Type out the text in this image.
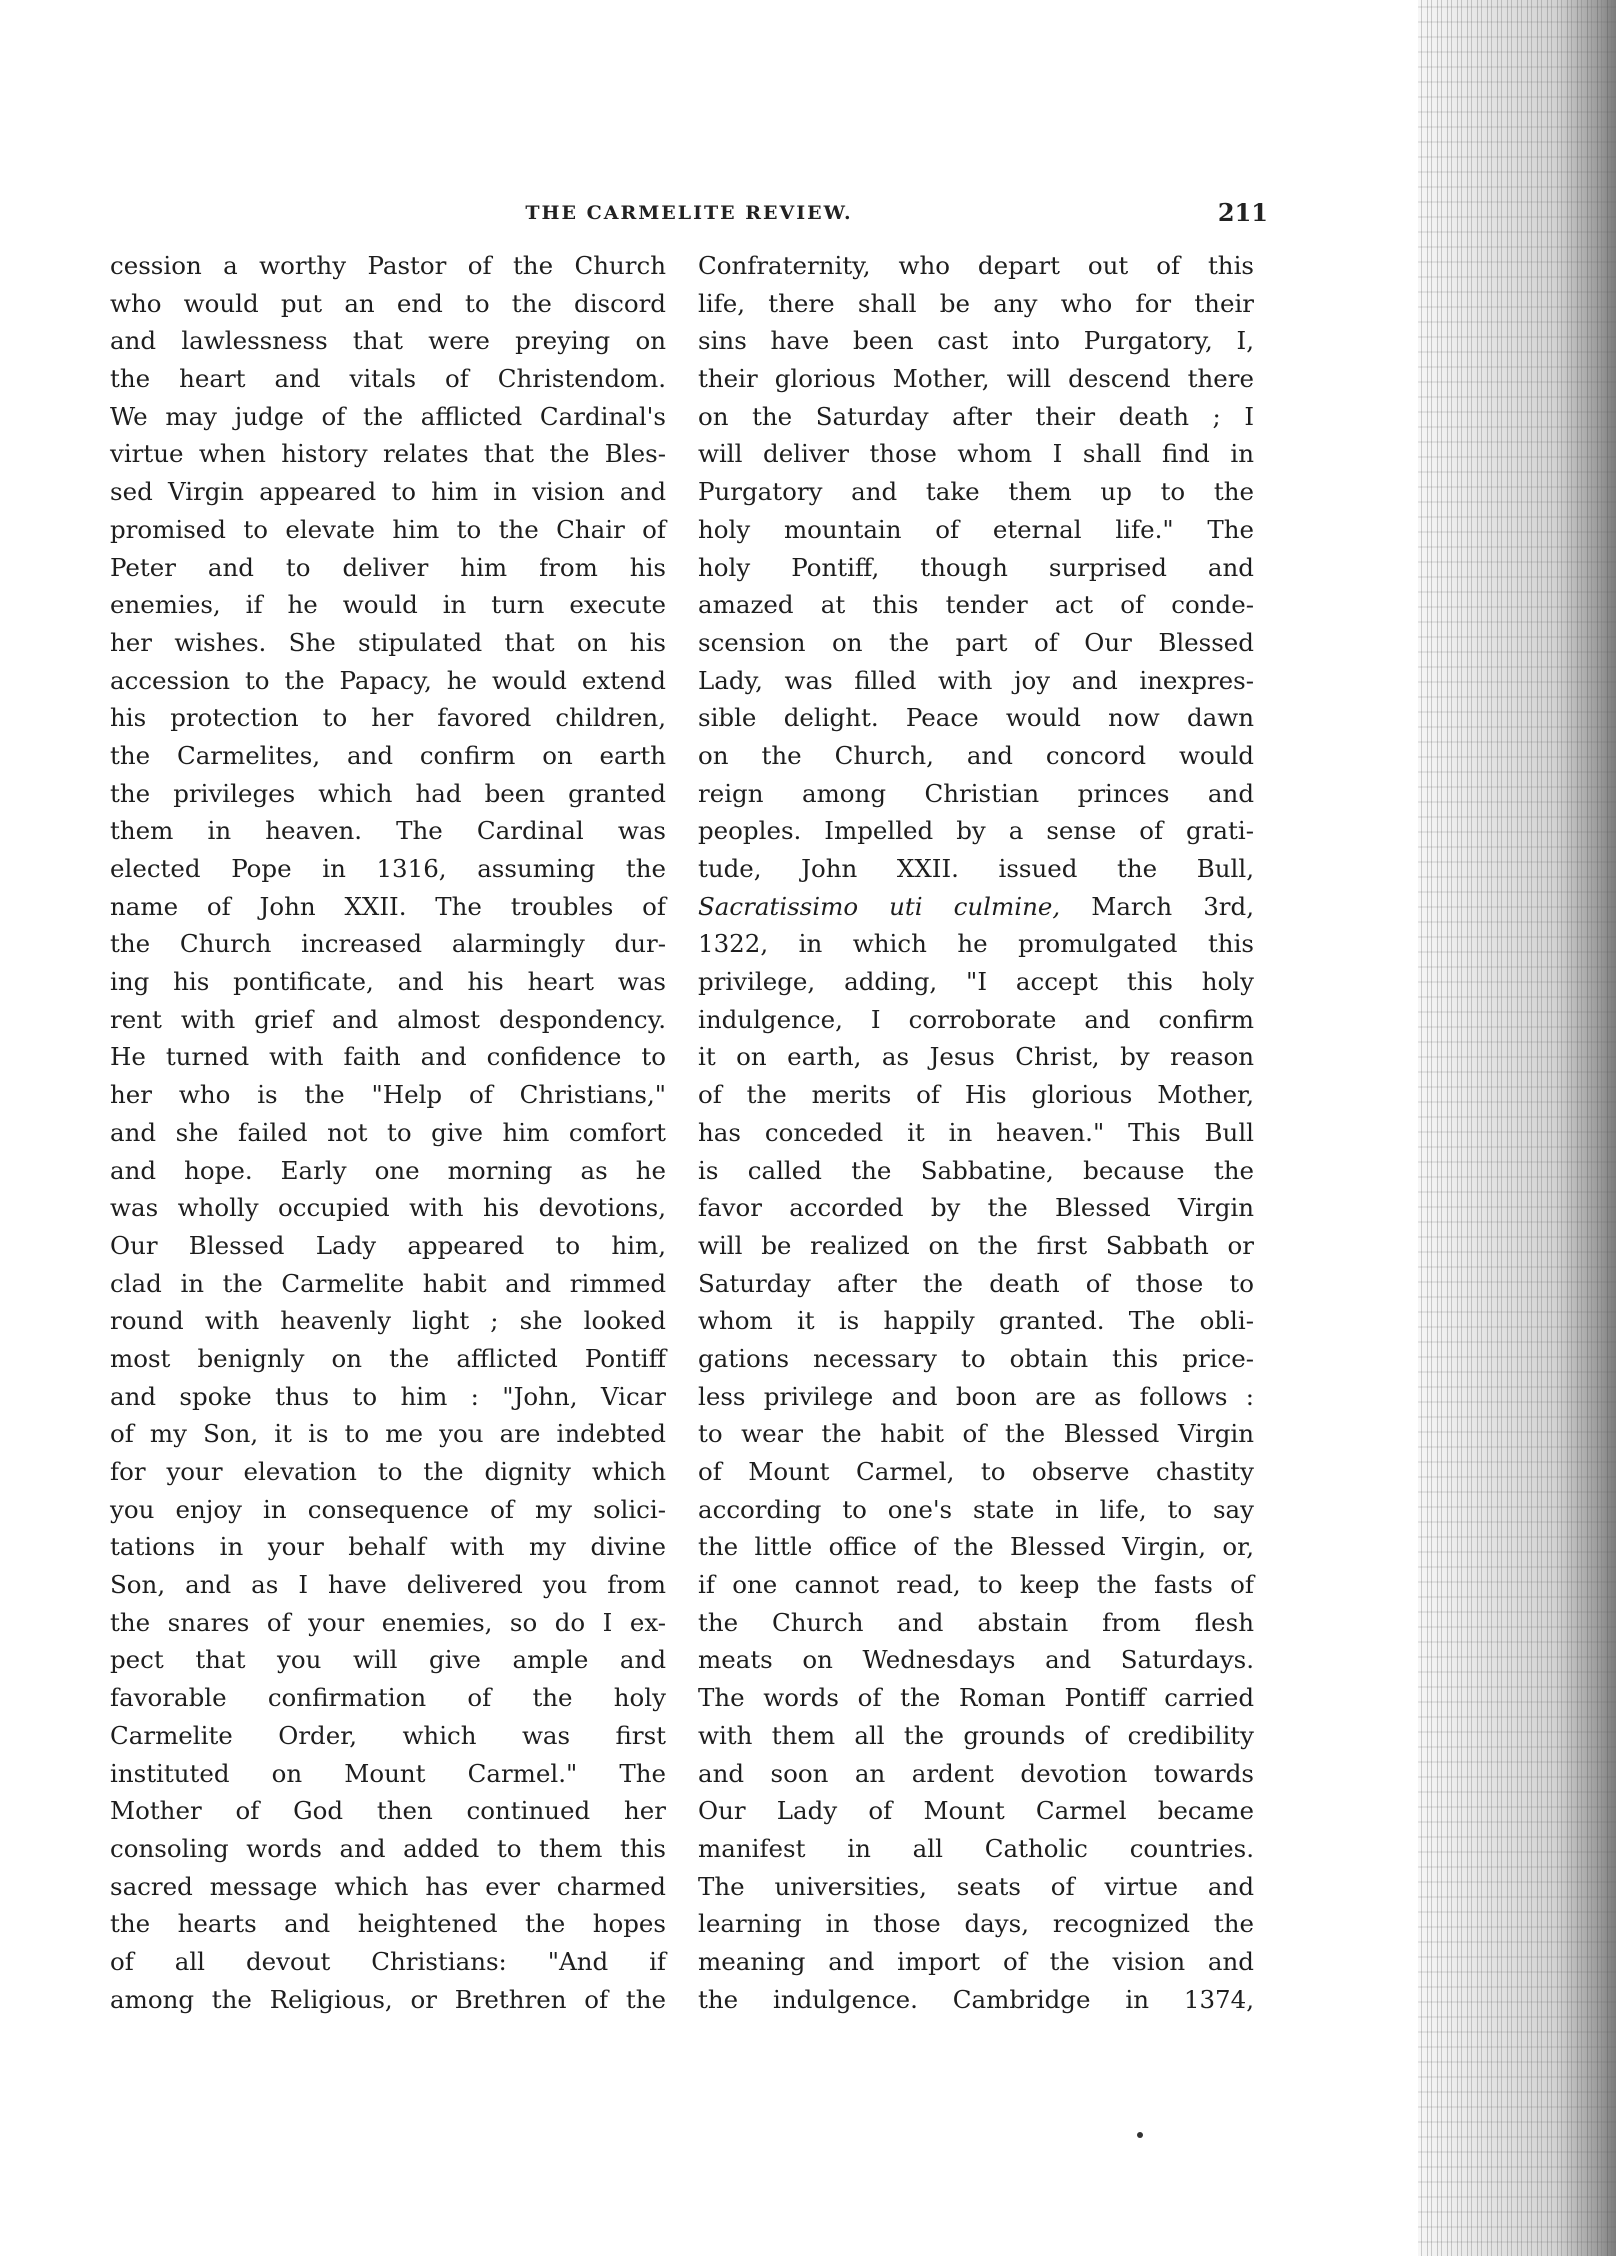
THE CARMELITE REVIEW.	211
cession a worthy Pastor of the Church
who would put an end to the discord
and lawlessness that were preying on
the heart and vitals of Christendom.
We may judge of the afflicted Cardinal's
virtue when history relates that the Bles-
sed Virgin appeared to him in vision and
promised to elevate him to the Chair of
Peter and to deliver him from his
enemies, if he would in turn execute
her wishes. She stipulated that on his
accession to the Papacy, he would extend
his protection to her favored children,
the Carmelites, and confirm on earth
the privileges which had been granted
them in heaven. The Cardinal was
elected Pope in 1316, assuming the
name of John XXII. The troubles of
the Church increased alarmingly dur-
ing his pontificate, and his heart was
rent with grief and almost despondency.
He turned with faith and confidence to
her who is the "Help of Christians,"
and she failed not to give him comfort
and hope. Early one morning as he
was wholly occupied with his devotions,
Our Blessed Lady appeared to him,
clad in the Carmelite habit and rimmed
round with heavenly light ; she looked
most benignly on the afflicted Pontiff
and spoke thus to him : "John, Vicar
of my Son, it is to me you are indebted
for your elevation to the dignity which
you enjoy in consequence of my solici-
tations in your behalf with my divine
Son, and as I have delivered you from
the snares of your enemies, so do I ex-
pect that you will give ample and
favorable confirmation of the holy
Carmelite Order, which was first
instituted on Mount Carmel." The
Mother of God then continued her
consoling words and added to them this
sacred message which has ever charmed
the hearts and heightened the hopes
of all devout Christians: "And if
among the Religious, or Brethren of the
Confraternity, who depart out of this
life, there shall be any who for their
sins have been cast into Purgatory, I,
their glorious Mother, will descend there
on the Saturday after their death ; I
will deliver those whom I shall find in
Purgatory and take them up to the
holy mountain of eternal life." The
holy Pontiff, though surprised and
amazed at this tender act of conde-
scension on the part of Our Blessed
Lady, was filled with joy and inexpres-
sible delight. Peace would now dawn
on the Church, and concord would
reign among Christian princes and
peoples. Impelled by a sense of grati-
tude, John XXII. issued the Bull,
Sacratissimo uti culmine, March 3rd,
1322, in which he promulgated this
privilege, adding, "I accept this holy
indulgence, I corroborate and confirm
it on earth, as Jesus Christ, by reason
of the merits of His glorious Mother,
has conceded it in heaven." This Bull
is called the Sabbatine, because the
favor accorded by the Blessed Virgin
will be realized on the first Sabbath or
Saturday after the death of those to
whom it is happily granted. The obli-
gations necessary to obtain this price-
less privilege and boon are as follows :
to wear the habit of the Blessed Virgin
of Mount Carmel, to observe chastity
according to one's state in life, to say
the little office of the Blessed Virgin, or,
if one cannot read, to keep the fasts of
the Church and abstain from flesh
meats on Wednesdays and Saturdays.
The words of the Roman Pontiff carried
with them all the grounds of credibility
and soon an ardent devotion towards
Our Lady of Mount Carmel became
manifest in all Catholic countries.
The universities, seats of virtue and
learning in those days, recognized the
meaning and import of the vision and
the indulgence. Cambridge in 1374,
